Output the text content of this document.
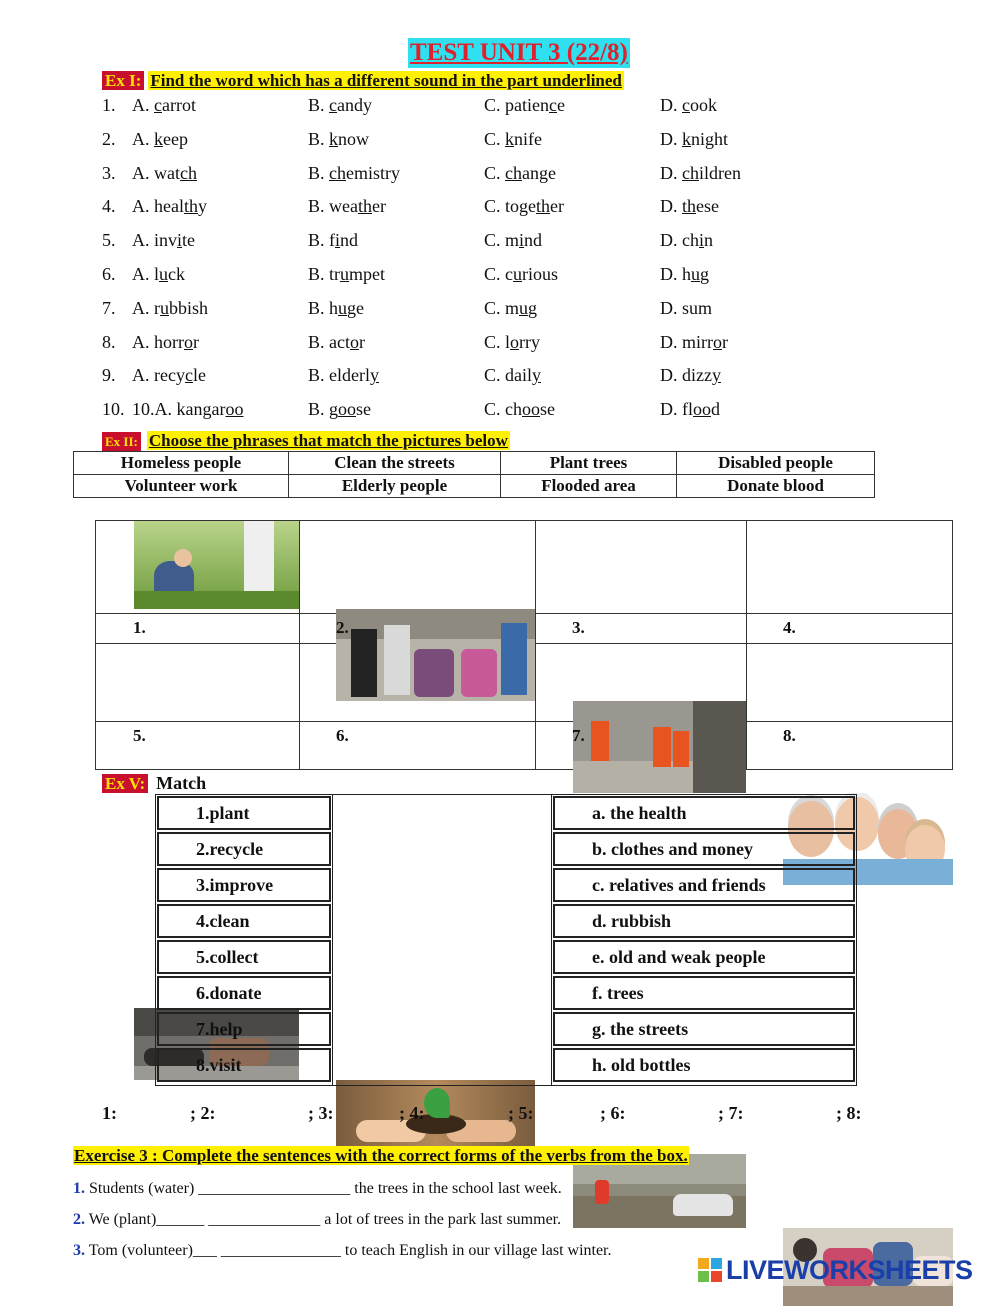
TEST UNIT 3 (22/8)
Ex I: Find the word which has a different sound in the part underlined
1. A. carrot	B. candy	C. patience	D. cook
2. A. keep	B. know	C. knife	D. knight
3. A. watch	B. chemistry	C. change	D. children
4. A. healthy	B. weather	C. together	D. these
5. A. invite	B. find	C. mind	D. chin
6. A. luck	B. trumpet	C. curious	D. hug
7. A. rubbish	B. huge	C. mug	D. sum
8. A. horror	B. actor	C. lorry	D. mirror
9. A. recycle	B. elderly	C. daily	D. dizzy
10. 10.A. kangaroo	B. goose	C. choose	D. flood
Ex II: Choose the phrases that match the pictures below
Homeless people	Clean the streets	Plant trees	Disabled people
Volunteer work	Elderly people	Flooded area	Donate blood
1.	2.	3.	4.
5.	6.	7.	8.
Ex V: Match
1.plant
2.recycle
3.improve
4.clean
5.collect
6.donate
7.help
8.visit
a. the health
b. clothes and money
c. relatives and friends
d. rubbish
e. old and weak people
f. trees
g. the streets
h. old bottles
1:	; 2:	; 3:	; 4:	; 5:	; 6:	; 7:	; 8:
Exercise 3 : Complete the sentences with the correct forms of the verbs from the box.
1. Students (water) ___________________ the trees in the school last week.
2. We (plant)______ ______________ a lot of trees in the park last summer.
3. Tom (volunteer)___ _______________ to teach English in our village last winter.
LIVEWORKSHEETS
